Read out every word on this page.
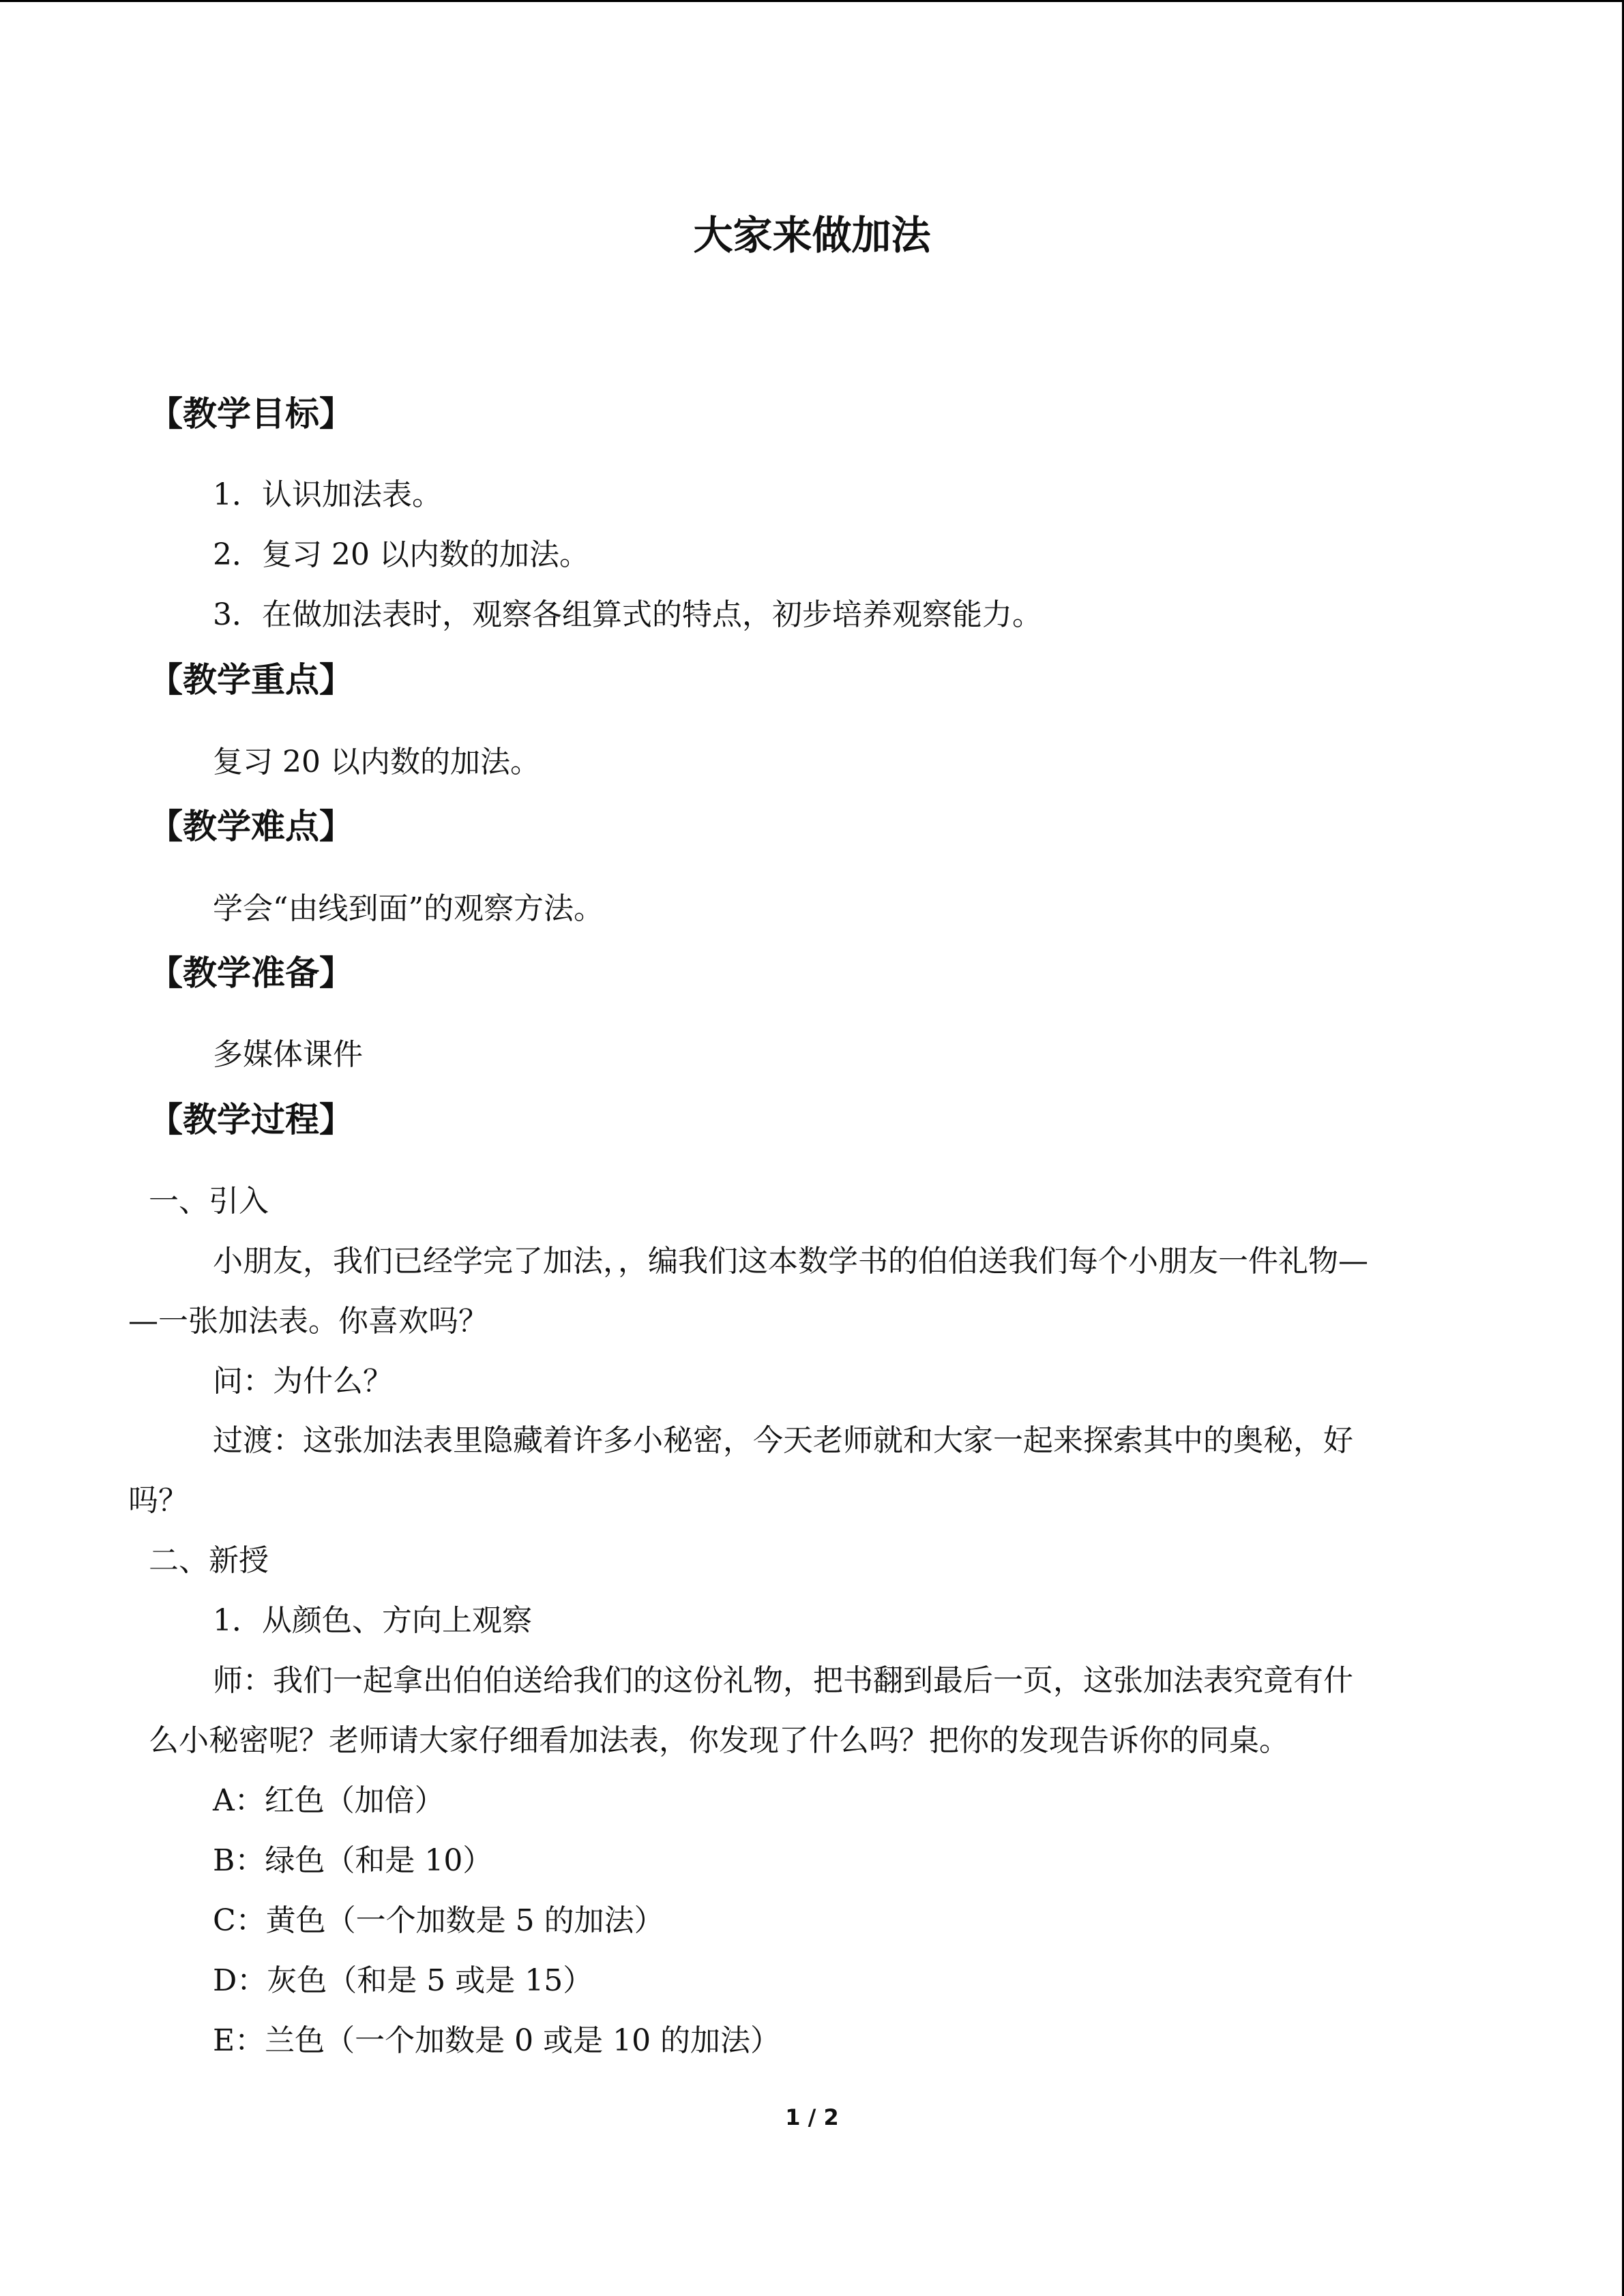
大家来做加法
【教学目标】
1．认识加法表。
2．复习 20 以内数的加法。
3．在做加法表时，观察各组算式的特点，初步培养观察能力。
【教学重点】
复习 20 以内数的加法。
【教学难点】
学会“由线到面”的观察方法。
【教学准备】
多媒体课件
【教学过程】
一、引入
小朋友，我们已经学完了加法，，编我们这本数学书的伯伯送我们每个小朋友一件礼物—
—一张加法表。你喜欢吗？
问：为什么？
过渡：这张加法表里隐藏着许多小秘密，今天老师就和大家一起来探索其中的奥秘，好
吗？
二、新授
1．从颜色、方向上观察
师：我们一起拿出伯伯送给我们的这份礼物，把书翻到最后一页，这张加法表究竟有什
么小秘密呢？老师请大家仔细看加法表，你发现了什么吗？把你的发现告诉你的同桌。
A：红色（加倍）
B：绿色（和是 10）
C：黄色（一个加数是 5 的加法）
D：灰色（和是 5 或是 15）
E：兰色（一个加数是 0 或是 10 的加法）
1 / 2
